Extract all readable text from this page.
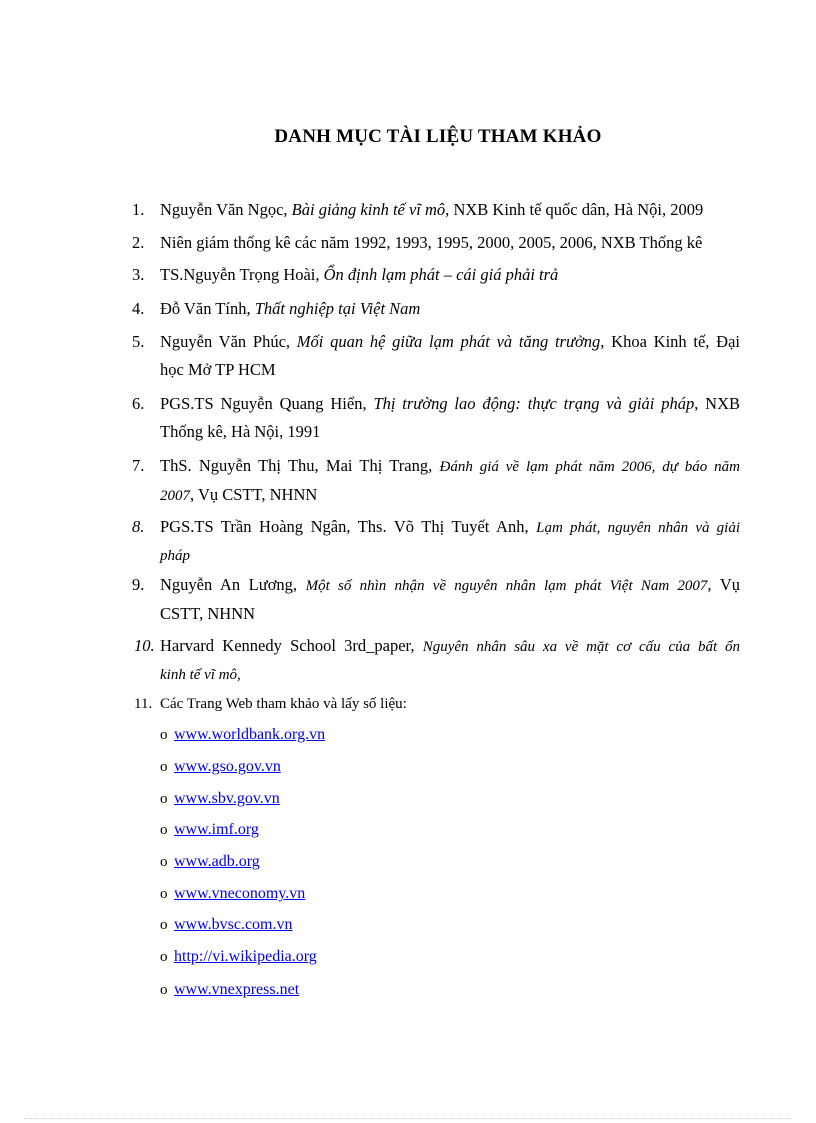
DANH MỤC TÀI LIỆU THAM KHẢO
1. Nguyễn Văn Ngọc, Bài giảng kinh tế vĩ mô, NXB Kinh tế quốc dân, Hà Nội, 2009
2. Niên giám thống kê các năm 1992, 1993, 1995, 2000, 2005, 2006, NXB Thống kê
3. TS.Nguyễn Trọng Hoài, Ổn định lạm phát – cái giá phải trả
4. Đỗ Văn Tính, Thất nghiệp tại Việt Nam
5. Nguyễn Văn Phúc, Mối quan hệ giữa lạm phát và tăng trưởng, Khoa Kinh tế, Đại
học Mở TP HCM
6. PGS.TS Nguyễn Quang Hiển, Thị trường lao động: thực trạng và giải pháp, NXB
Thống kê, Hà Nội, 1991
7. ThS. Nguyễn Thị Thu, Mai Thị Trang, Đánh giá về lạm phát năm 2006, dự báo năm
2007, Vụ CSTT, NHNN
8. PGS.TS Trần Hoàng Ngân, Ths. Võ Thị Tuyết Anh, Lạm phát, nguyên nhân và giải
pháp
9. Nguyễn An Lương, Một số nhìn nhận về nguyên nhân lạm phát Việt Nam 2007, Vụ
CSTT, NHNN
10. Harvard Kennedy School 3rd_paper, Nguyên nhân sâu xa về mặt cơ cấu của bất ổn
kinh tế vĩ mô,
11. Các Trang Web tham khảo và lấy số liệu:
o www.worldbank.org.vn
o www.gso.gov.vn
o www.sbv.gov.vn
o www.imf.org
o www.adb.org
o www.vneconomy.vn
o www.bvsc.com.vn
o http://vi.wikipedia.org
o www.vnexpress.net
